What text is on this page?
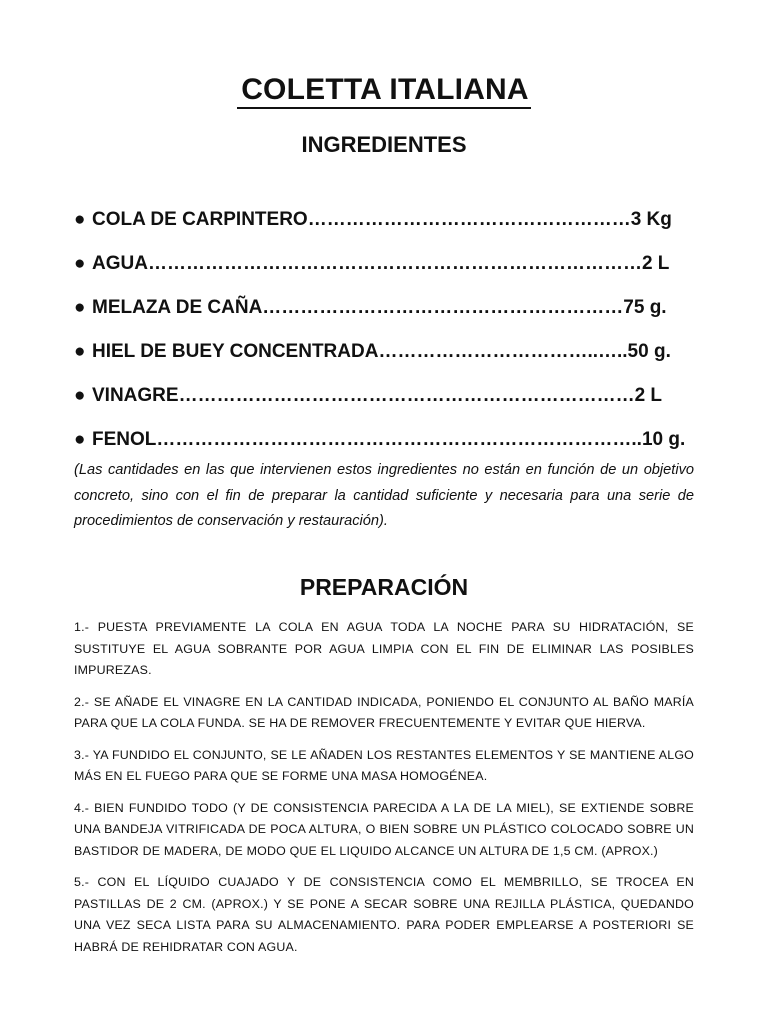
COLETTA ITALIANA
INGREDIENTES
● COLA DE CARPINTERO……………………………………………3 Kg
● AGUA……………………………………………………………………2 L
● MELAZA DE CAÑA…………………………………………………75 g.
● HIEL DE BUEY CONCENTRADA……………………………..…..50 g.
● VINAGRE………………………………………………………………2 L
● FENOL…………………………………………………………………..10 g.

(Las cantidades en las que intervienen estos ingredientes no están en función de un objetivo concreto, sino con el fin de preparar la cantidad suficiente y necesaria para una serie de procedimientos de conservación y restauración).

PREPARACIÓN

1.- PUESTA PREVIAMENTE LA COLA EN AGUA TODA LA NOCHE PARA SU HIDRATACIÓN, SE SUSTITUYE EL AGUA SOBRANTE POR AGUA LIMPIA CON EL FIN DE ELIMINAR LAS POSIBLES IMPUREZAS.

2.- SE AÑADE EL VINAGRE EN LA CANTIDAD INDICADA, PONIENDO EL CONJUNTO AL BAÑO MARÍA PARA QUE LA COLA FUNDA. SE HA DE REMOVER FRECUENTEMENTE Y EVITAR QUE HIERVA.

3.- YA FUNDIDO EL CONJUNTO, SE LE AÑADEN LOS RESTANTES ELEMENTOS Y SE MANTIENE ALGO MÁS EN EL FUEGO PARA QUE SE FORME UNA MASA HOMOGÉNEA.

4.- BIEN FUNDIDO TODO (Y DE CONSISTENCIA PARECIDA A LA DE LA MIEL), SE EXTIENDE SOBRE UNA BANDEJA VITRIFICADA DE POCA ALTURA, O BIEN SOBRE UN PLÁSTICO COLOCADO SOBRE UN BASTIDOR DE MADERA, DE MODO QUE EL LIQUIDO ALCANCE UN ALTURA DE 1,5 CM. (APROX.)

5.- CON EL LÍQUIDO CUAJADO Y DE CONSISTENCIA COMO EL MEMBRILLO, SE TROCEA EN PASTILLAS DE 2 CM. (APROX.) Y SE PONE A SECAR SOBRE UNA REJILLA PLÁSTICA, QUEDANDO UNA VEZ SECA LISTA PARA SU ALMACENAMIENTO. PARA PODER EMPLEARSE A POSTERIORI SE HABRÁ DE REHIDRATAR CON AGUA.
